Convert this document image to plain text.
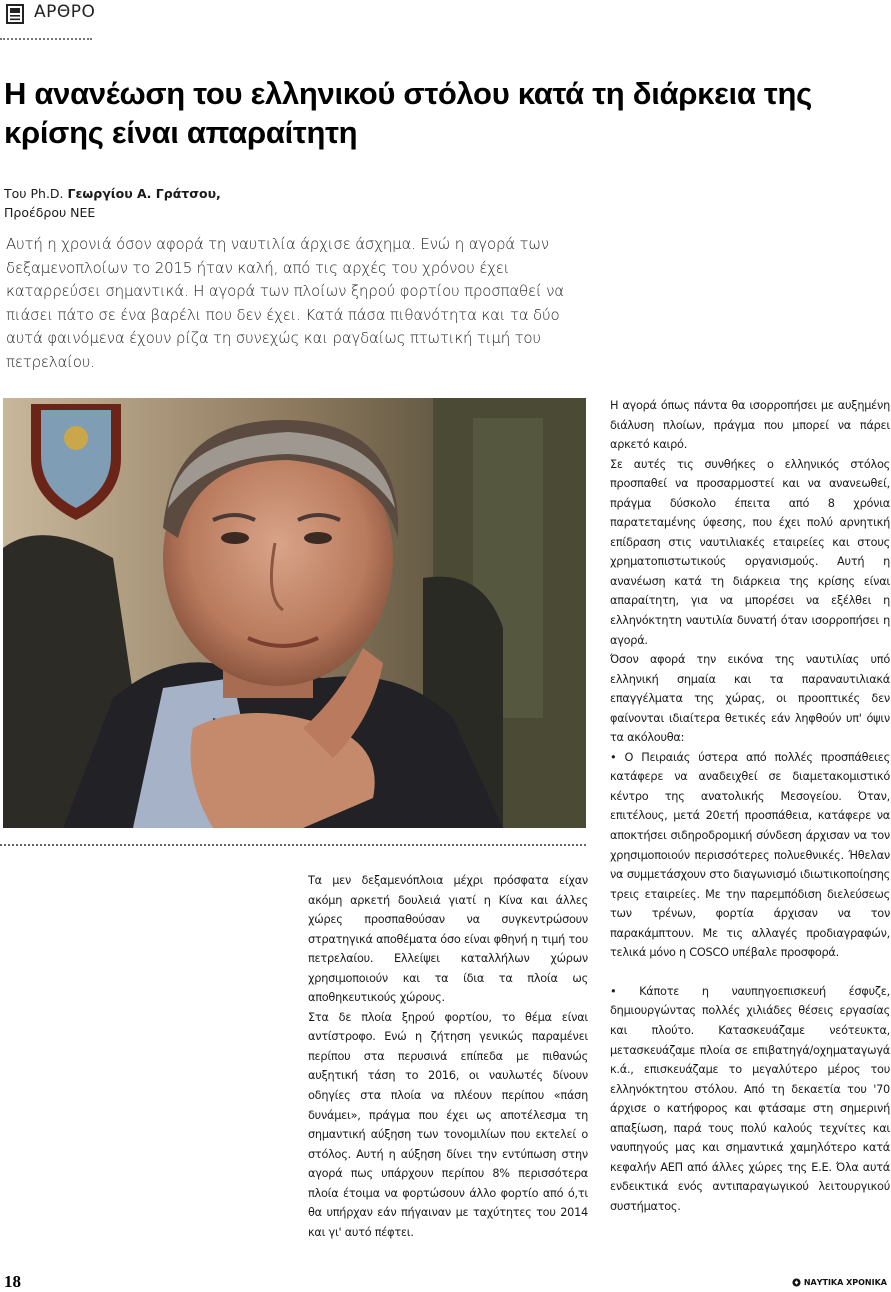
ΑΡΘΡΟ
Η ανανέωση του ελληνικού στόλου κατά τη διάρκεια της κρίσης είναι απαραίτητη
Του Ph.D. Γεωργίου Α. Γράτσου,
Προέδρου ΝΕΕ

Αυτή η χρονιά όσον αφορά τη ναυτιλία άρχισε άσχημα. Ενώ η αγορά των δεξαμενοπλοίων το 2015 ήταν καλή, από τις αρχές του χρόνου έχει καταρρεύσει σημαντικά. Η αγορά των πλοίων ξηρού φορτίου προσπαθεί να πιάσει πάτο σε ένα βαρέλι που δεν έχει. Κατά πάσα πιθανότητα και τα δύο αυτά φαινόμενα έχουν ρίζα τη συνεχώς και ραγδαίως πτωτική τιμή του πετρελαίου.

Τα μεν δεξαμενόπλοια μέχρι πρόσφατα είχαν ακόμη αρκετή δουλειά γιατί η Κίνα και άλλες χώρες προσπαθούσαν να συγκεντρώσουν στρατηγικά αποθέματα όσο είναι φθηνή η τιμή του πετρελαίου. Ελλείψει καταλλήλων χώρων χρησιμοποιούν και τα ίδια τα πλοία ως αποθηκευτικούς χώρους.

Στα δε πλοία ξηρού φορτίου, το θέμα είναι αντίστροφο. Ενώ η ζήτηση γενικώς παραμένει περίπου στα περυσινά επίπεδα με πιθανώς αυξητική τάση το 2016, οι ναυλωτές δίνουν οδηγίες στα πλοία να πλέουν περίπου «πάση δυνάμει», πράγμα που έχει ως αποτέλεσμα τη σημαντική αύξηση των τονομιλίων που εκτελεί ο στόλος. Αυτή η αύξηση δίνει την εντύπωση στην αγορά πως υπάρχουν περίπου 8% περισσότερα πλοία έτοιμα να φορτώσουν άλλο φορτίο από ό,τι θα υπήρχαν εάν πήγαιναν με ταχύτητες του 2014 και γι' αυτό πέφτει.

Η αγορά όπως πάντα θα ισορροπήσει με αυξημένη διάλυση πλοίων, πράγμα που μπορεί να πάρει αρκετό καιρό.

Σε αυτές τις συνθήκες ο ελληνικός στόλος προσπαθεί να προσαρμοστεί και να ανανεωθεί, πράγμα δύσκολο έπειτα από 8 χρόνια παρατεταμένης ύφεσης, που έχει πολύ αρνητική επίδραση στις ναυτιλιακές εταιρείες και στους χρηματοπιστωτικούς οργανισμούς. Αυτή η ανανέωση κατά τη διάρκεια της κρίσης είναι απαραίτητη, για να μπορέσει να εξέλθει η ελληνόκτητη ναυτιλία δυνατή όταν ισορροπήσει η αγορά.

Όσον αφορά την εικόνα της ναυτιλίας υπό ελληνική σημαία και τα παραναυτιλιακά επαγγέλματα της χώρας, οι προοπτικές δεν φαίνονται ιδιαίτερα θετικές εάν ληφθούν υπ' όψιν τα ακόλουθα:

• Ο Πειραιάς ύστερα από πολλές προσπάθειες κατάφερε να αναδειχθεί σε διαμετακομιστικό κέντρο της ανατολικής Μεσογείου. Όταν, επιτέλους, μετά 20ετή προσπάθεια, κατάφερε να αποκτήσει σιδηροδρομική σύνδεση άρχισαν να τον χρησιμοποιούν περισσότερες πολυεθνικές. Ήθελαν να συμμετάσχουν στο διαγωνισμό ιδιωτικοποίησης τρεις εταιρείες. Με την παρεμπόδιση διελεύσεως των τρένων, φορτία άρχισαν να τον παρακάμπτουν. Με τις αλλαγές προδιαγραφών, τελικά μόνο η COSCO υπέβαλε προσφορά.

• Κάποτε η ναυπηγοεπισκευή έσφυζε, δημιουργώντας πολλές χιλιάδες θέσεις εργασίας και πλούτο. Κατασκευάζαμε νεότευκτα, μετασκευάζαμε πλοία σε επιβατηγά/οχηματαγωγά κ.ά., επισκευάζαμε το μεγαλύτερο μέρος του ελληνόκτητου στόλου. Από τη δεκαετία του '70 άρχισε ο κατήφορος και φτάσαμε στη σημερινή απαξίωση, παρά τους πολύ καλούς τεχνίτες και ναυπηγούς μας και σημαντικά χαμηλότερο κατά κεφαλήν ΑΕΠ από άλλες χώρες της Ε.Ε. Όλα αυτά ενδεικτικά ενός αντιπαραγωγικού λειτουργικού συστήματος.

18	ΝΑΥΤΙΚΑ ΧΡΟΝΙΚΑ
